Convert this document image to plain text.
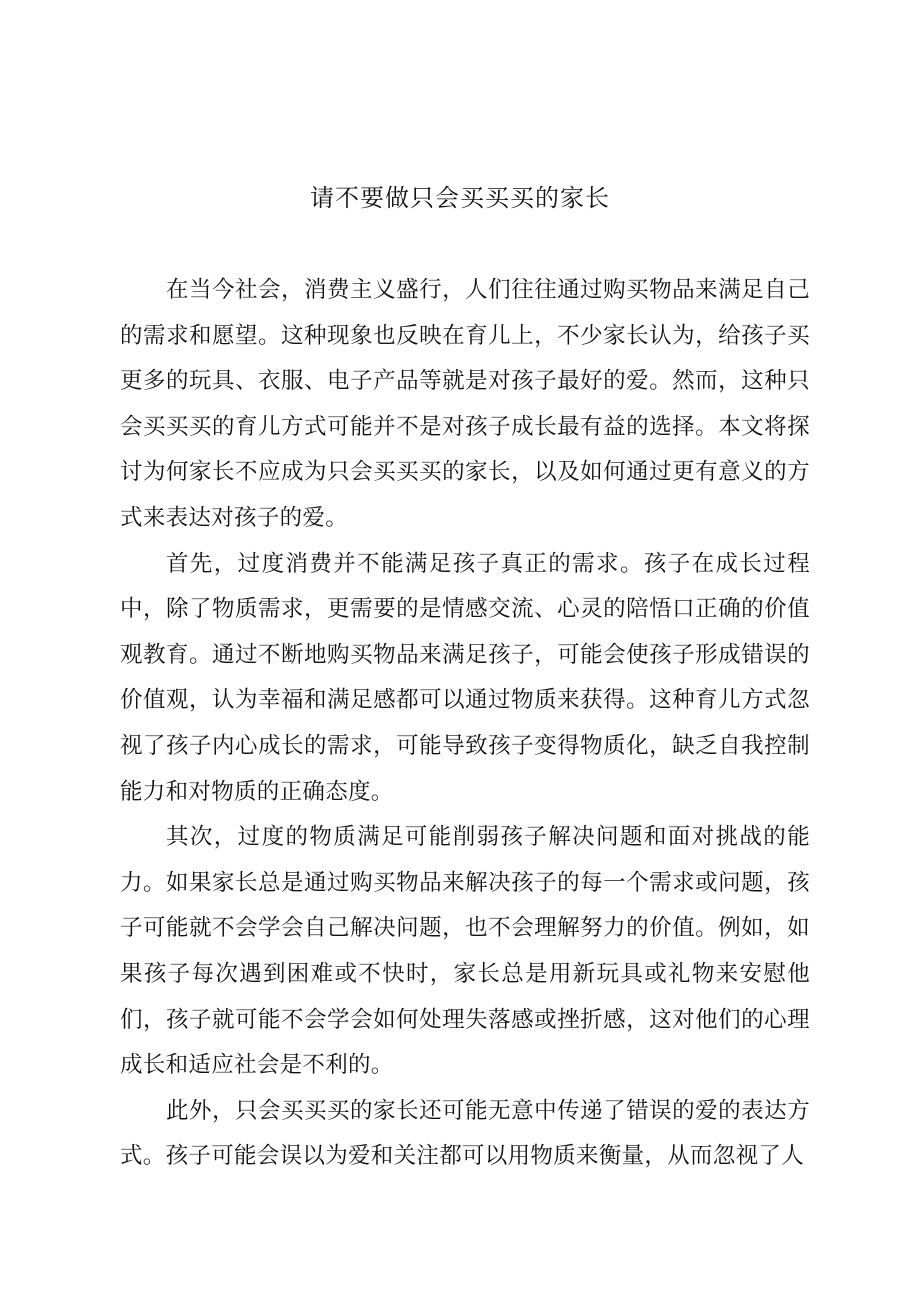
请不要做只会买买买的家长

在当今社会，消费主义盛行，人们往往通过购买物品来满足自己的需求和愿望。这种现象也反映在育儿上，不少家长认为，给孩子买更多的玩具、衣服、电子产品等就是对孩子最好的爱。然而，这种只会买买买的育儿方式可能并不是对孩子成长最有益的选择。本文将探讨为何家长不应成为只会买买买的家长，以及如何通过更有意义的方式来表达对孩子的爱。

首先，过度消费并不能满足孩子真正的需求。孩子在成长过程中，除了物质需求，更需要的是情感交流、心灵的陪悟口正确的价值观教育。通过不断地购买物品来满足孩子，可能会使孩子形成错误的价值观，认为幸福和满足感都可以通过物质来获得。这种育儿方式忽视了孩子内心成长的需求，可能导致孩子变得物质化，缺乏自我控制能力和对物质的正确态度。

其次，过度的物质满足可能削弱孩子解决问题和面对挑战的能力。如果家长总是通过购买物品来解决孩子的每一个需求或问题，孩子可能就不会学会自己解决问题，也不会理解努力的价值。例如，如果孩子每次遇到困难或不快时，家长总是用新玩具或礼物来安慰他们，孩子就可能不会学会如何处理失落感或挫折感，这对他们的心理成长和适应社会是不利的。

此外，只会买买买的家长还可能无意中传递了错误的爱的表达方式。孩子可能会误以为爱和关注都可以用物质来衡量，从而忽视了人
